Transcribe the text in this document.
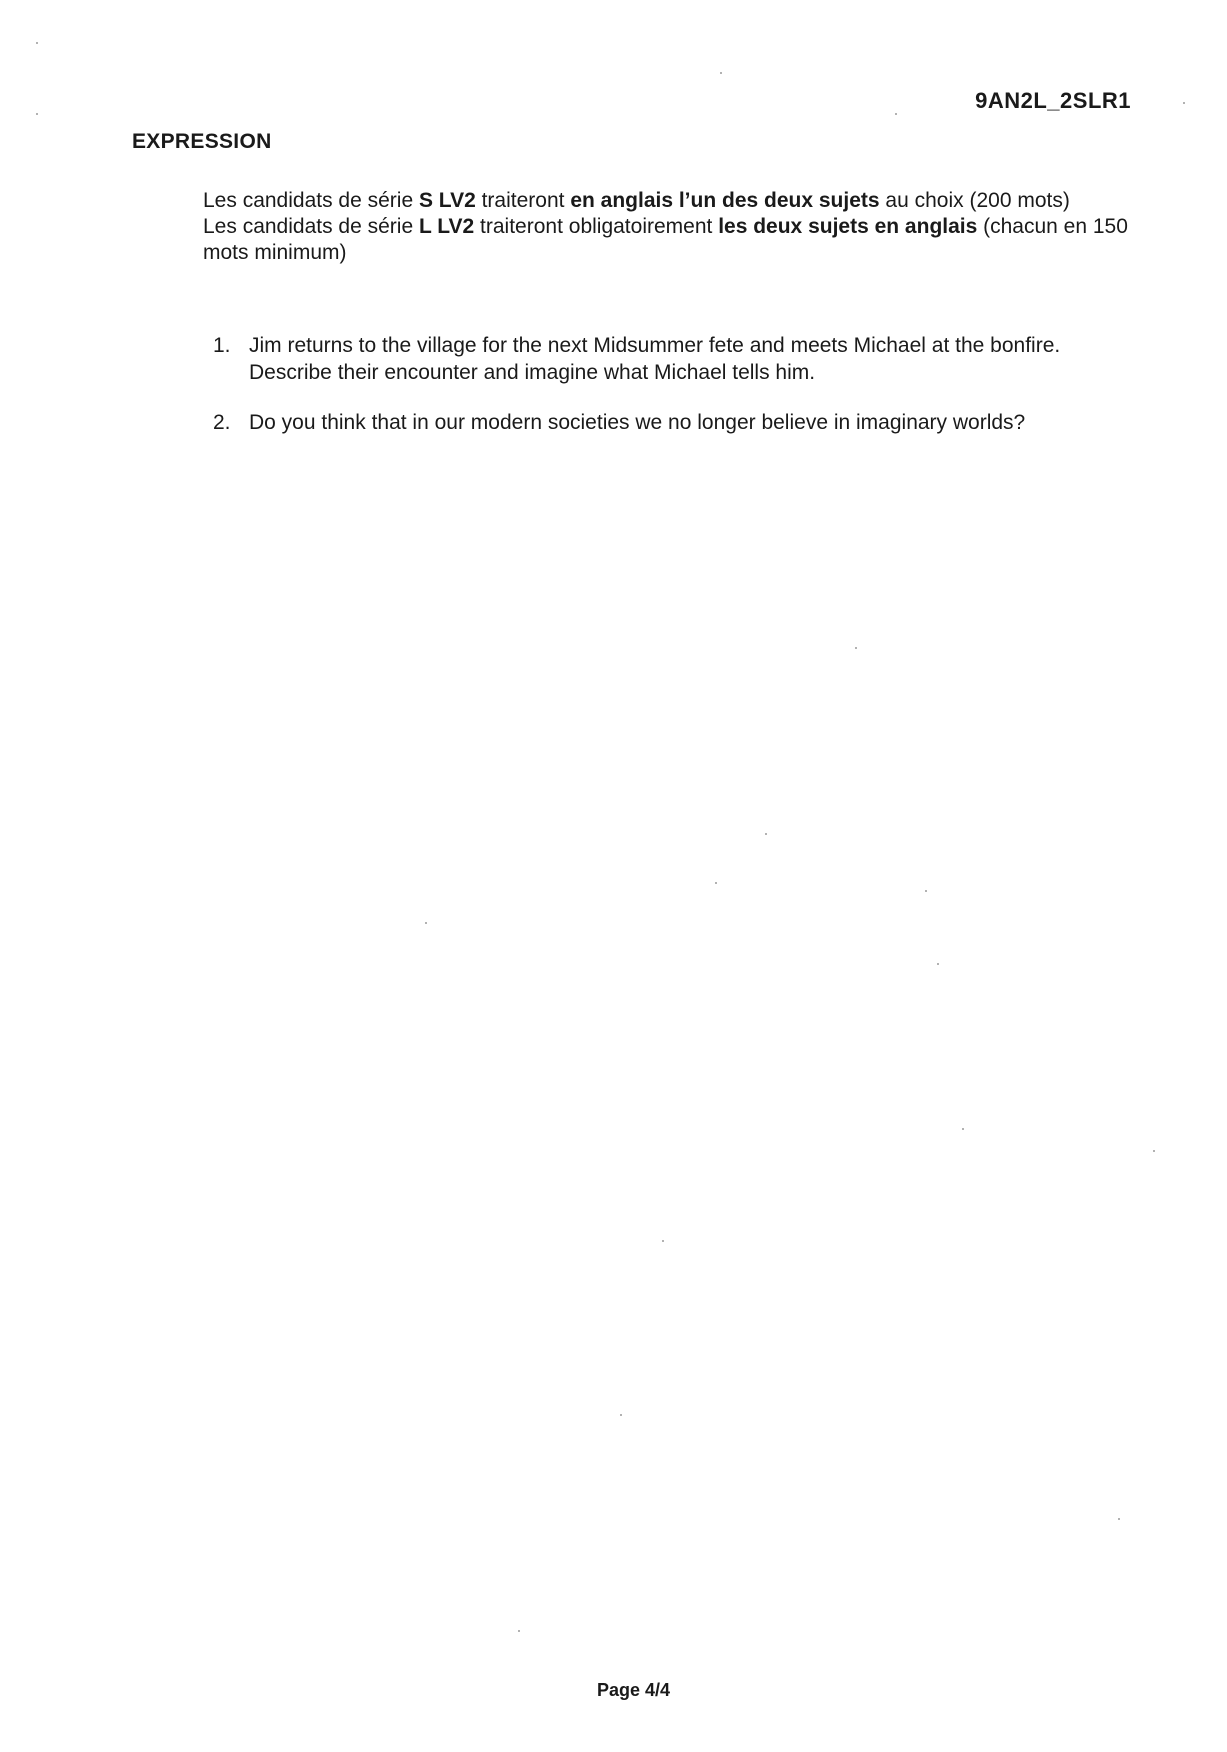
9AN2L_2SLR1
EXPRESSION

Les candidats de série S LV2 traiteront en anglais l’un des deux sujets au choix (200 mots)

Les candidats de série L LV2 traiteront obligatoirement les deux sujets en anglais (chacun en 150 mots minimum)

1. Jim returns to the village for the next Midsummer fete and meets Michael at the bonfire. Describe their encounter and imagine what Michael tells him.
2. Do you think that in our modern societies we no longer believe in imaginary worlds?
Page 4/4
